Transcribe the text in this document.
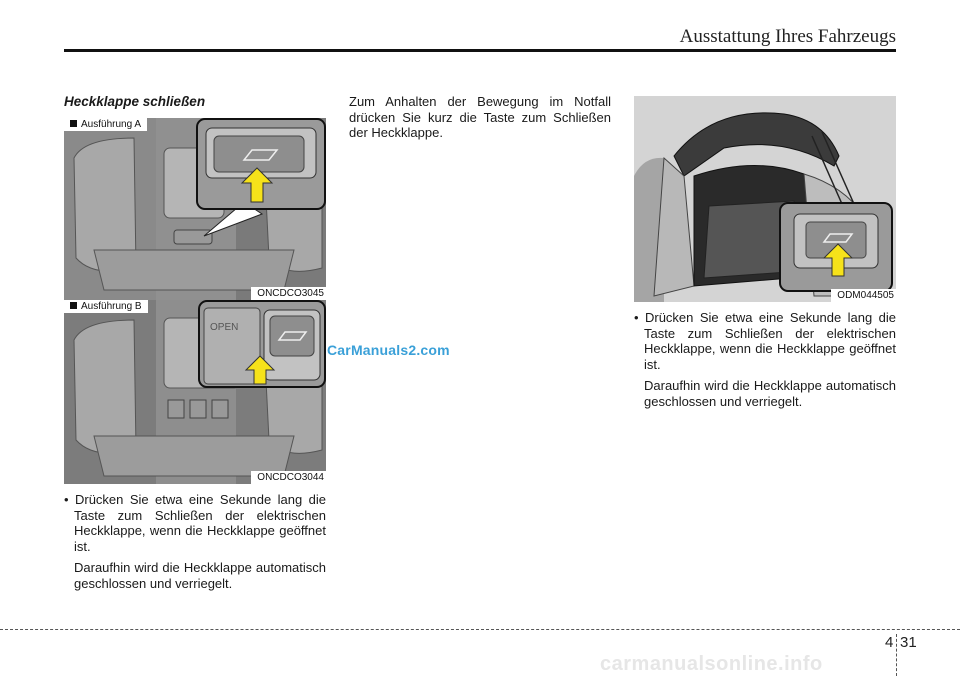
Ausstattung Ihres Fahrzeugs
Heckklappe schließen
Ausführung A
ONCDCO3045
OPEN
Ausführung B
ONCDCO3044
ODM044505

• Drücken Sie etwa eine Sekunde lang die Taste zum Schließen der elektrischen Heckklappe, wenn die Heckklappe geöffnet ist.

Daraufhin wird die Heckklappe automatisch geschlossen und verriegelt.

Zum Anhalten der Bewegung im Notfall drücken Sie kurz die Taste zum Schließen der Heckklappe.

• Drücken Sie etwa eine Sekunde lang die Taste zum Schließen der elektrischen Heckklappe, wenn die Heckklappe geöffnet ist.

Daraufhin wird die Heckklappe automatisch geschlossen und verriegelt.

CarManuals2.com
4 31
carmanualsonline.info
